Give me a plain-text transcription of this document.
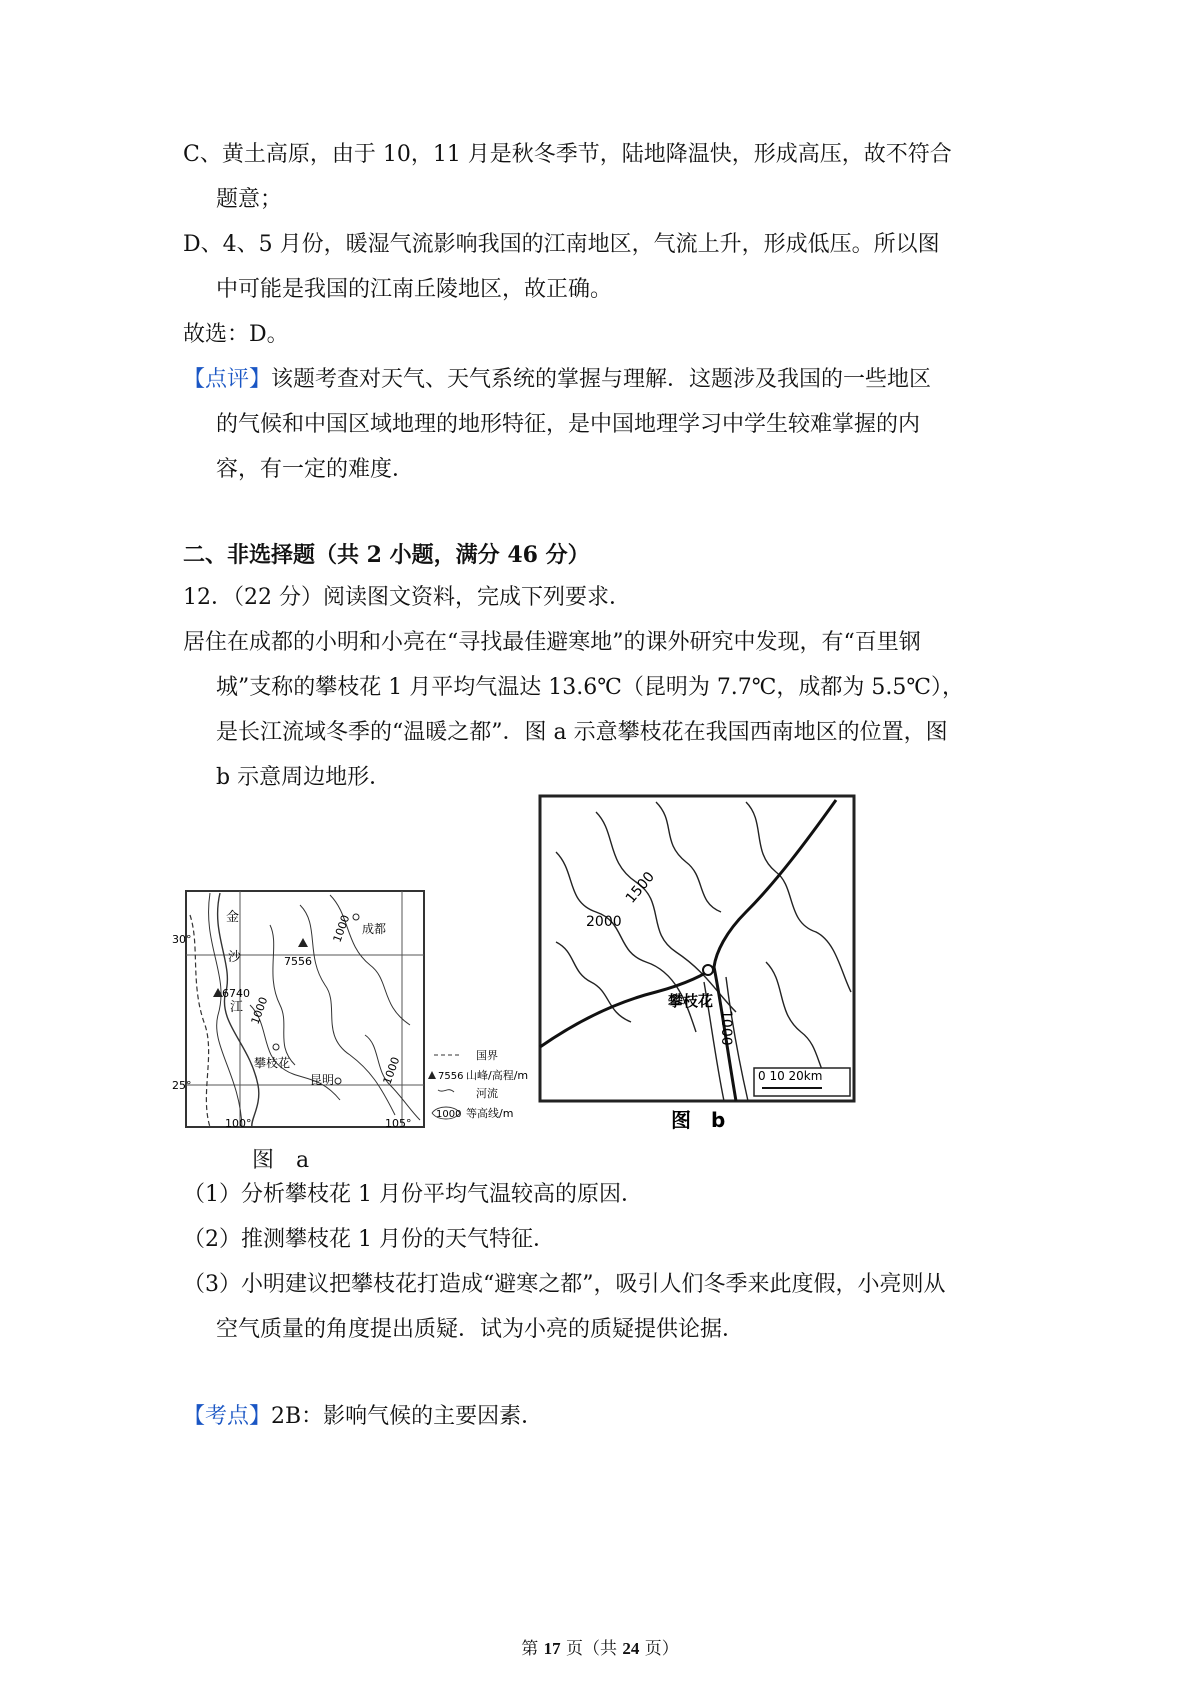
C、黄土高原，由于 10，11 月是秋冬季节，陆地降温快，形成高压，故不符合
题意；
D、4、5 月份，暖湿气流影响我国的江南地区，气流上升，形成低压。所以图
中可能是我国的江南丘陵地区，故正确。
故选：D。
【点评】该题考查对天气、天气系统的掌握与理解．这题涉及我国的一些地区
的气候和中国区域地理的地形特征，是中国地理学习中学生较难掌握的内
容，有一定的难度．
二、非选择题（共 2 小题，满分 46 分）
12．（22 分）阅读图文资料，完成下列要求．
居住在成都的小明和小亮在“寻找最佳避寒地”的课外研究中发现，有“百里钢
城”支称的攀枝花 1 月平均气温达 13.6℃（昆明为 7.7℃，成都为 5.5℃），
是长江流域冬季的“温暖之都”．图 a 示意攀枝花在我国西南地区的位置，图
b 示意周边地形．
30°
25°
100°	105°
7556
6740
金
沙
江
1000
1000
1000
成都
攀枝花
昆明
国界
7556 山峰/高程/m
河流
1000 等高线/m
图　a
1500
2000
1000
攀枝花
0 10 20km
图　b
（1）分析攀枝花 1 月份平均气温较高的原因．
（2）推测攀枝花 1 月份的天气特征．
（3）小明建议把攀枝花打造成“避寒之都”，吸引人们冬季来此度假，小亮则从
空气质量的角度提出质疑．试为小亮的质疑提供论据．
【考点】2B：影响气候的主要因素．
第 17 页（共 24 页）
